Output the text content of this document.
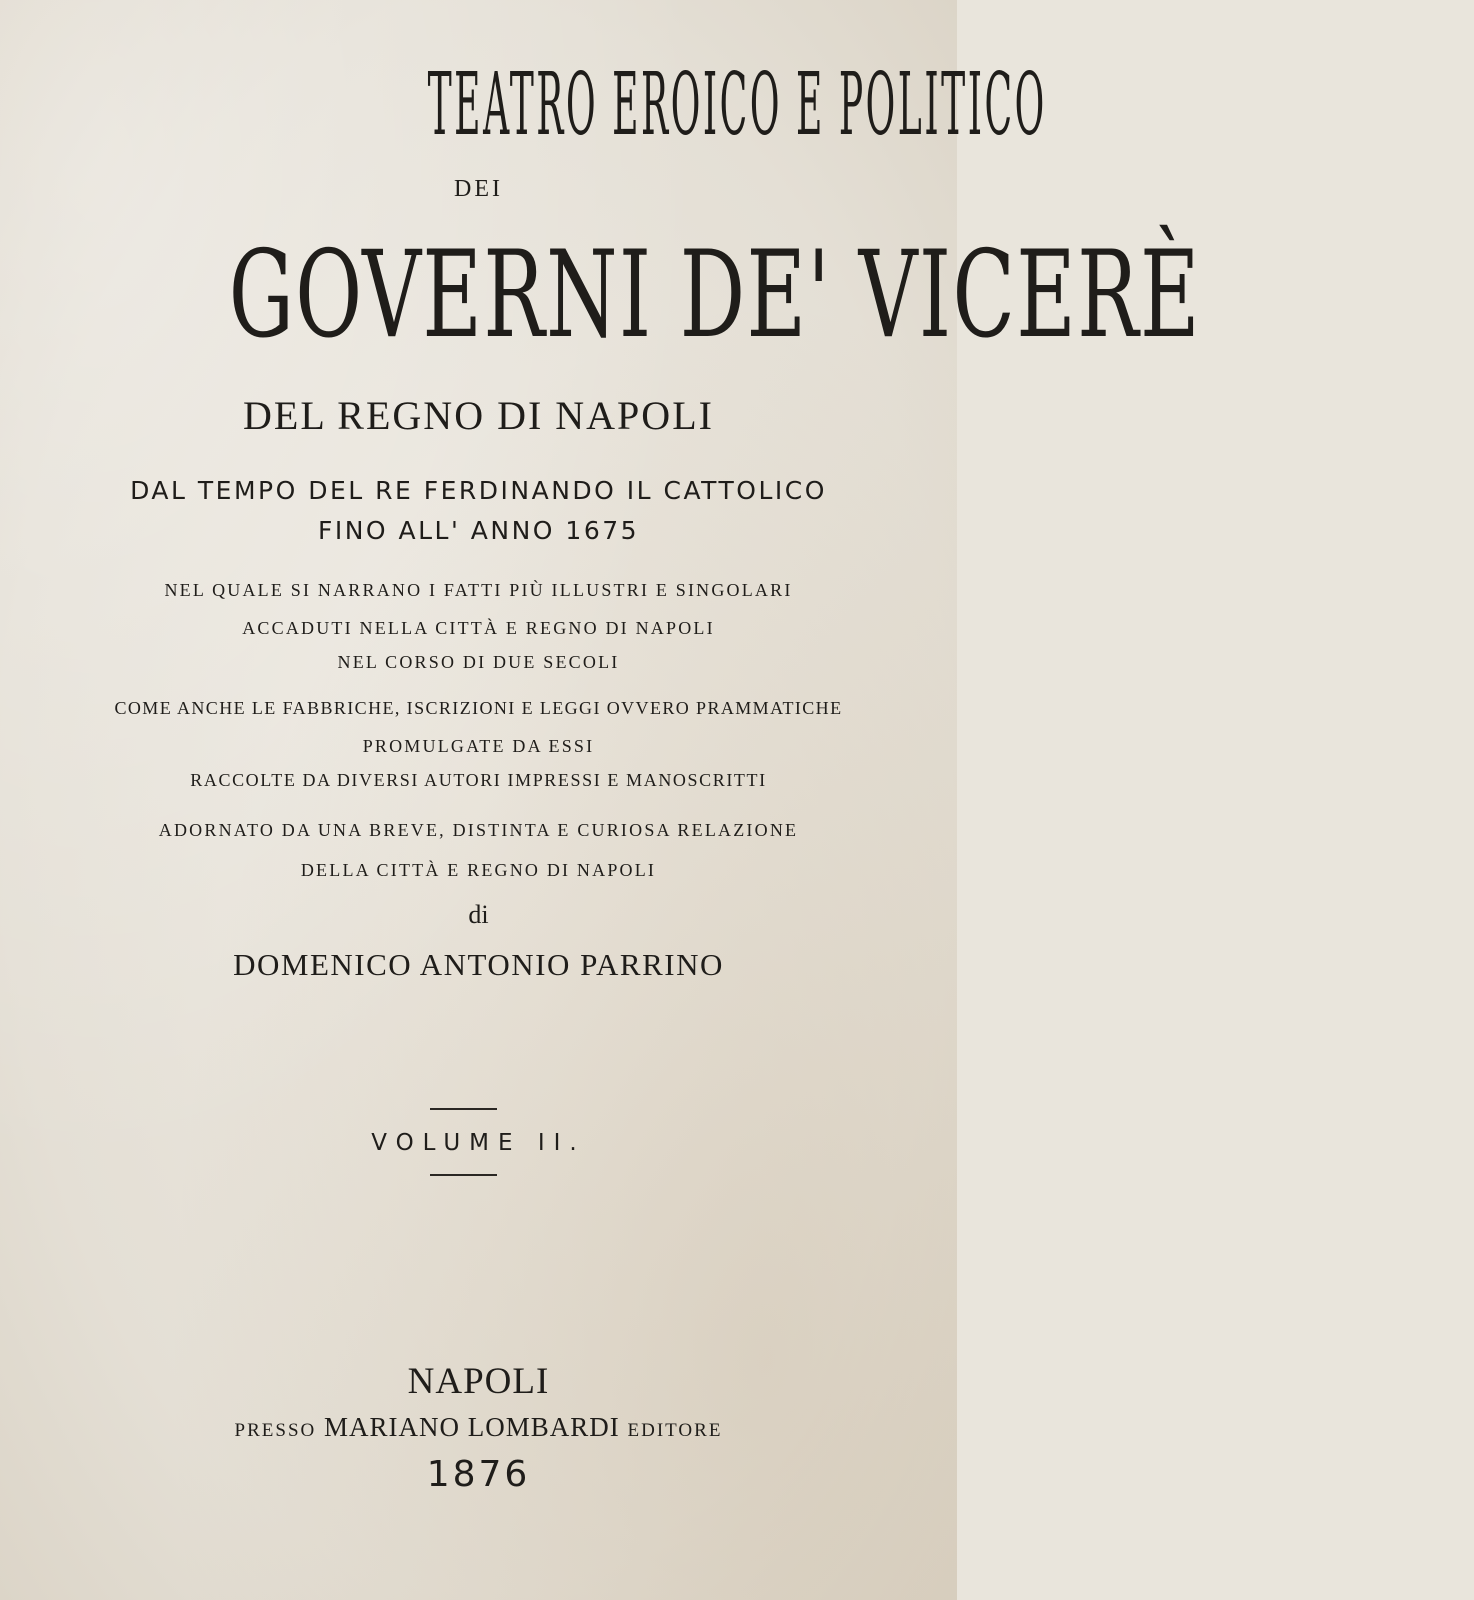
TEATRO EROICO E POLITICO

DEI

GOVERNI DE' VICERÈ

DEL REGNO DI NAPOLI

DAL TEMPO DEL RE FERDINANDO IL CATTOLICO

FINO ALL' ANNO 1675

NEL QUALE SI NARRANO I FATTI PIÙ ILLUSTRI E SINGOLARI

ACCADUTI NELLA CITTÀ E REGNO DI NAPOLI

NEL CORSO DI DUE SECOLI

COME ANCHE LE FABBRICHE, ISCRIZIONI E LEGGI OVVERO PRAMMATICHE

PROMULGATE DA ESSI

RACCOLTE DA DIVERSI AUTORI IMPRESSI E MANOSCRITTI

ADORNATO DA UNA BREVE, DISTINTA E CURIOSA RELAZIONE

DELLA CITTÀ E REGNO DI NAPOLI

di

DOMENICO ANTONIO PARRINO

VOLUME II.

NAPOLI

PRESSO MARIANO LOMBARDI EDITORE

1876
